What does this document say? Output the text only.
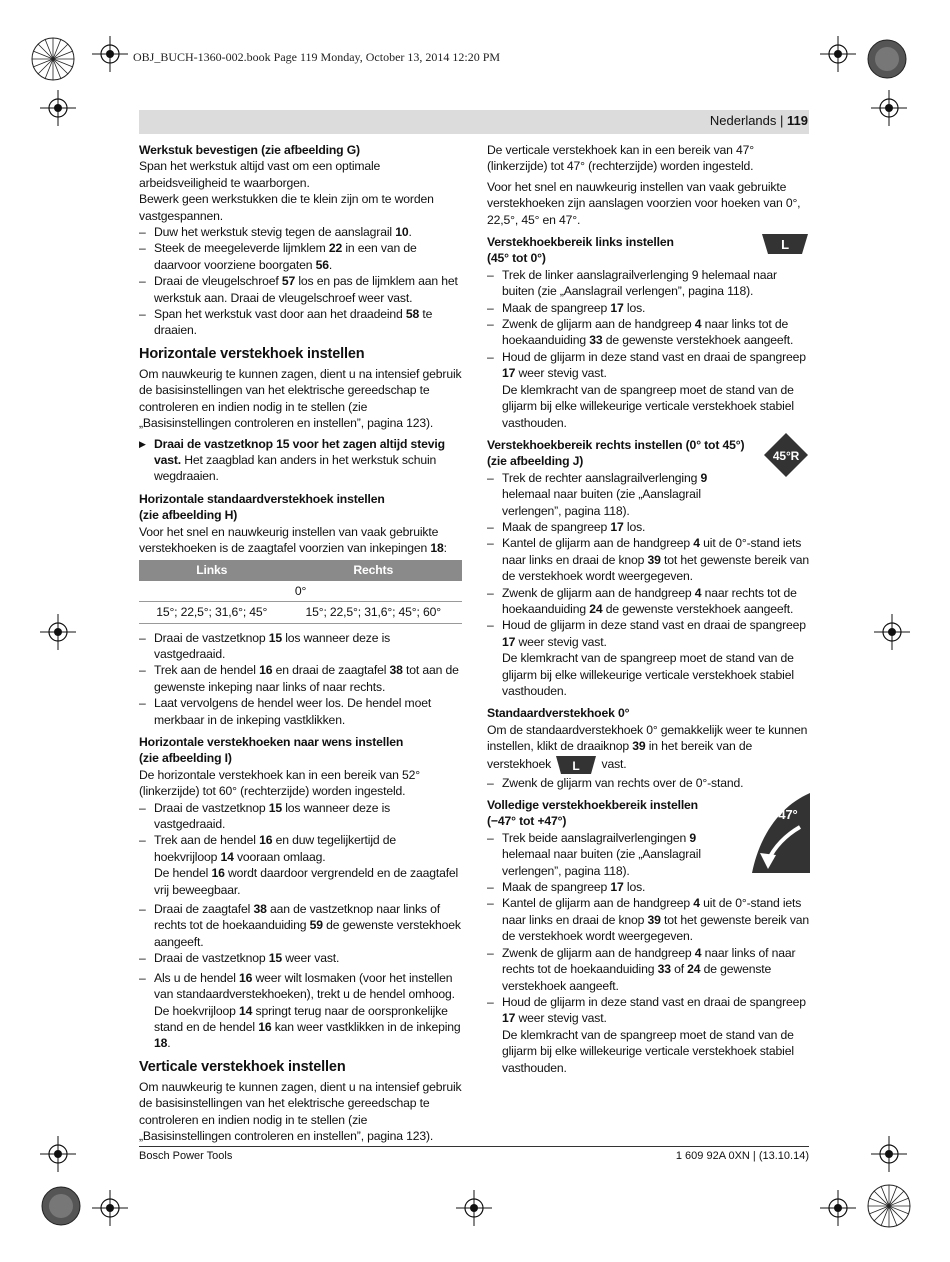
OBJ_BUCH-1360-002.book Page 119 Monday, October 13, 2014 12:20 PM
Nederlands | 119
Werkstuk bevestigen (zie afbeelding G)

Span het werkstuk altijd vast om een optimale arbeidsveiligheid te waarborgen.

Bewerk geen werkstukken die te klein zijn om te worden vastgespannen.

– Duw het werkstuk stevig tegen de aanslagrail 10.
– Steek de meegeleverde lijmklem 22 in een van de daarvoor voorziene boorgaten 56.
– Draai de vleugelschroef 57 los en pas de lijmklem aan het werkstuk aan. Draai de vleugelschroef weer vast.
– Span het werkstuk vast door aan het draadeind 58 te draaien.
Horizontale verstekhoek instellen

Om nauwkeurig te kunnen zagen, dient u na intensief gebruik de basisinstellingen van het elektrische gereedschap te controleren en indien nodig in te stellen (zie „Basisinstellingen controleren en instellen”, pagina 123).

▶ Draai de vastzetknop 15 voor het zagen altijd stevig vast. Het zaagblad kan anders in het werkstuk schuin wegdraaien.
Horizontale standaardverstekhoek instellen
(zie afbeelding H)

Voor het snel en nauwkeurig instellen van vaak gebruikte verstekhoeken is de zaagtafel voorzien van inkepingen 18:

Links	Rechts
0°	
15°; 22,5°; 31,6°; 45°	15°; 22,5°; 31,6°; 45°; 60°
– Draai de vastzetknop 15 los wanneer deze is vastgedraaid.
– Trek aan de hendel 16 en draai de zaagtafel 38 tot aan de gewenste inkeping naar links of naar rechts.
– Laat vervolgens de hendel weer los. De hendel moet merkbaar in de inkeping vastklikken.
Horizontale verstekhoeken naar wens instellen
(zie afbeelding I)

De horizontale verstekhoek kan in een bereik van 52° (linkerzijde) tot 60° (rechterzijde) worden ingesteld.

– Draai de vastzetknop 15 los wanneer deze is vastgedraaid.
– Trek aan de hendel 16 en duw tegelijkertijd de hoekvrijloop 14 vooraan omlaag.
De hendel 16 wordt daardoor vergrendeld en de zaagtafel vrij beweegbaar.
– Draai de zaagtafel 38 aan de vastzetknop naar links of rechts tot de hoekaanduiding 59 de gewenste verstekhoek aangeeft.
– Draai de vastzetknop 15 weer vast.
– Als u de hendel 16 weer wilt losmaken (voor het instellen van standaardverstekhoeken), trekt u de hendel omhoog. De hoekvrijloop 14 springt terug naar de oorspronkelijke stand en de hendel 16 kan weer vastklikken in de inkeping 18.
Verticale verstekhoek instellen

Om nauwkeurig te kunnen zagen, dient u na intensief gebruik de basisinstellingen van het elektrische gereedschap te controleren en indien nodig in te stellen (zie „Basisinstellingen controleren en instellen”, pagina 123).

De verticale verstekhoek kan in een bereik van 47° (linkerzijde) tot 47° (rechterzijde) worden ingesteld.

Voor het snel en nauwkeurig instellen van vaak gebruikte verstekhoeken zijn aanslagen voorzien voor hoeken van 0°, 22,5°, 45° en 47°.

Verstekhoekbereik links instellen
(45° tot 0°)
L
– Trek de linker aanslagrailverlenging 9 helemaal naar buiten (zie „Aanslagrail verlengen”, pagina 118).
– Maak de spangreep 17 los.
– Zwenk de glijarm aan de handgreep 4 naar links tot de hoekaanduiding 33 de gewenste verstekhoek aangeeft.
– Houd de glijarm in deze stand vast en draai de spangreep 17 weer stevig vast.
De klemkracht van de spangreep moet de stand van de glijarm bij elke willekeurige verticale verstekhoek stabiel vasthouden.
Verstekhoekbereik rechts instellen (0° tot 45°)
(zie afbeelding J)	45°R
– Trek de rechter aanslagrailverlenging 9 helemaal naar buiten (zie „Aanslagrail verlengen”, pagina 118).
– Maak de spangreep 17 los.
– Kantel de glijarm aan de handgreep 4 uit de 0°-stand iets naar links en draai de knop 39 tot het gewenste bereik van de verstekhoek wordt weergegeven.
– Zwenk de glijarm aan de handgreep 4 naar rechts tot de hoekaanduiding 24 de gewenste verstekhoek aangeeft.
– Houd de glijarm in deze stand vast en draai de spangreep 17 weer stevig vast.
De klemkracht van de spangreep moet de stand van de glijarm bij elke willekeurige verticale verstekhoek stabiel vasthouden.
Standaardverstekhoek 0°

Om de standaardverstekhoek 0° gemakkelijk weer te kunnen instellen, klikt de draaiknop 39 in het bereik van de verstekhoek L vast.

– Zwenk de glijarm van rechts over de 0°-stand.
Volledige verstekhoekbereik instellen
(−47° tot +47°)	47°
– Trek beide aanslagrailverlengingen 9 helemaal naar buiten (zie „Aanslagrail verlengen”, pagina 118).
– Maak de spangreep 17 los.
– Kantel de glijarm aan de handgreep 4 uit de 0°-stand iets naar links en draai de knop 39 tot het gewenste bereik van de verstekhoek wordt weergegeven.
– Zwenk de glijarm aan de handgreep 4 naar links of naar rechts tot de hoekaanduiding 33 of 24 de gewenste verstekhoek aangeeft.
– Houd de glijarm in deze stand vast en draai de spangreep 17 weer stevig vast.
De klemkracht van de spangreep moet de stand van de glijarm bij elke willekeurige verticale verstekhoek stabiel vasthouden.
Bosch Power Tools	1 609 92A 0XN | (13.10.14)
